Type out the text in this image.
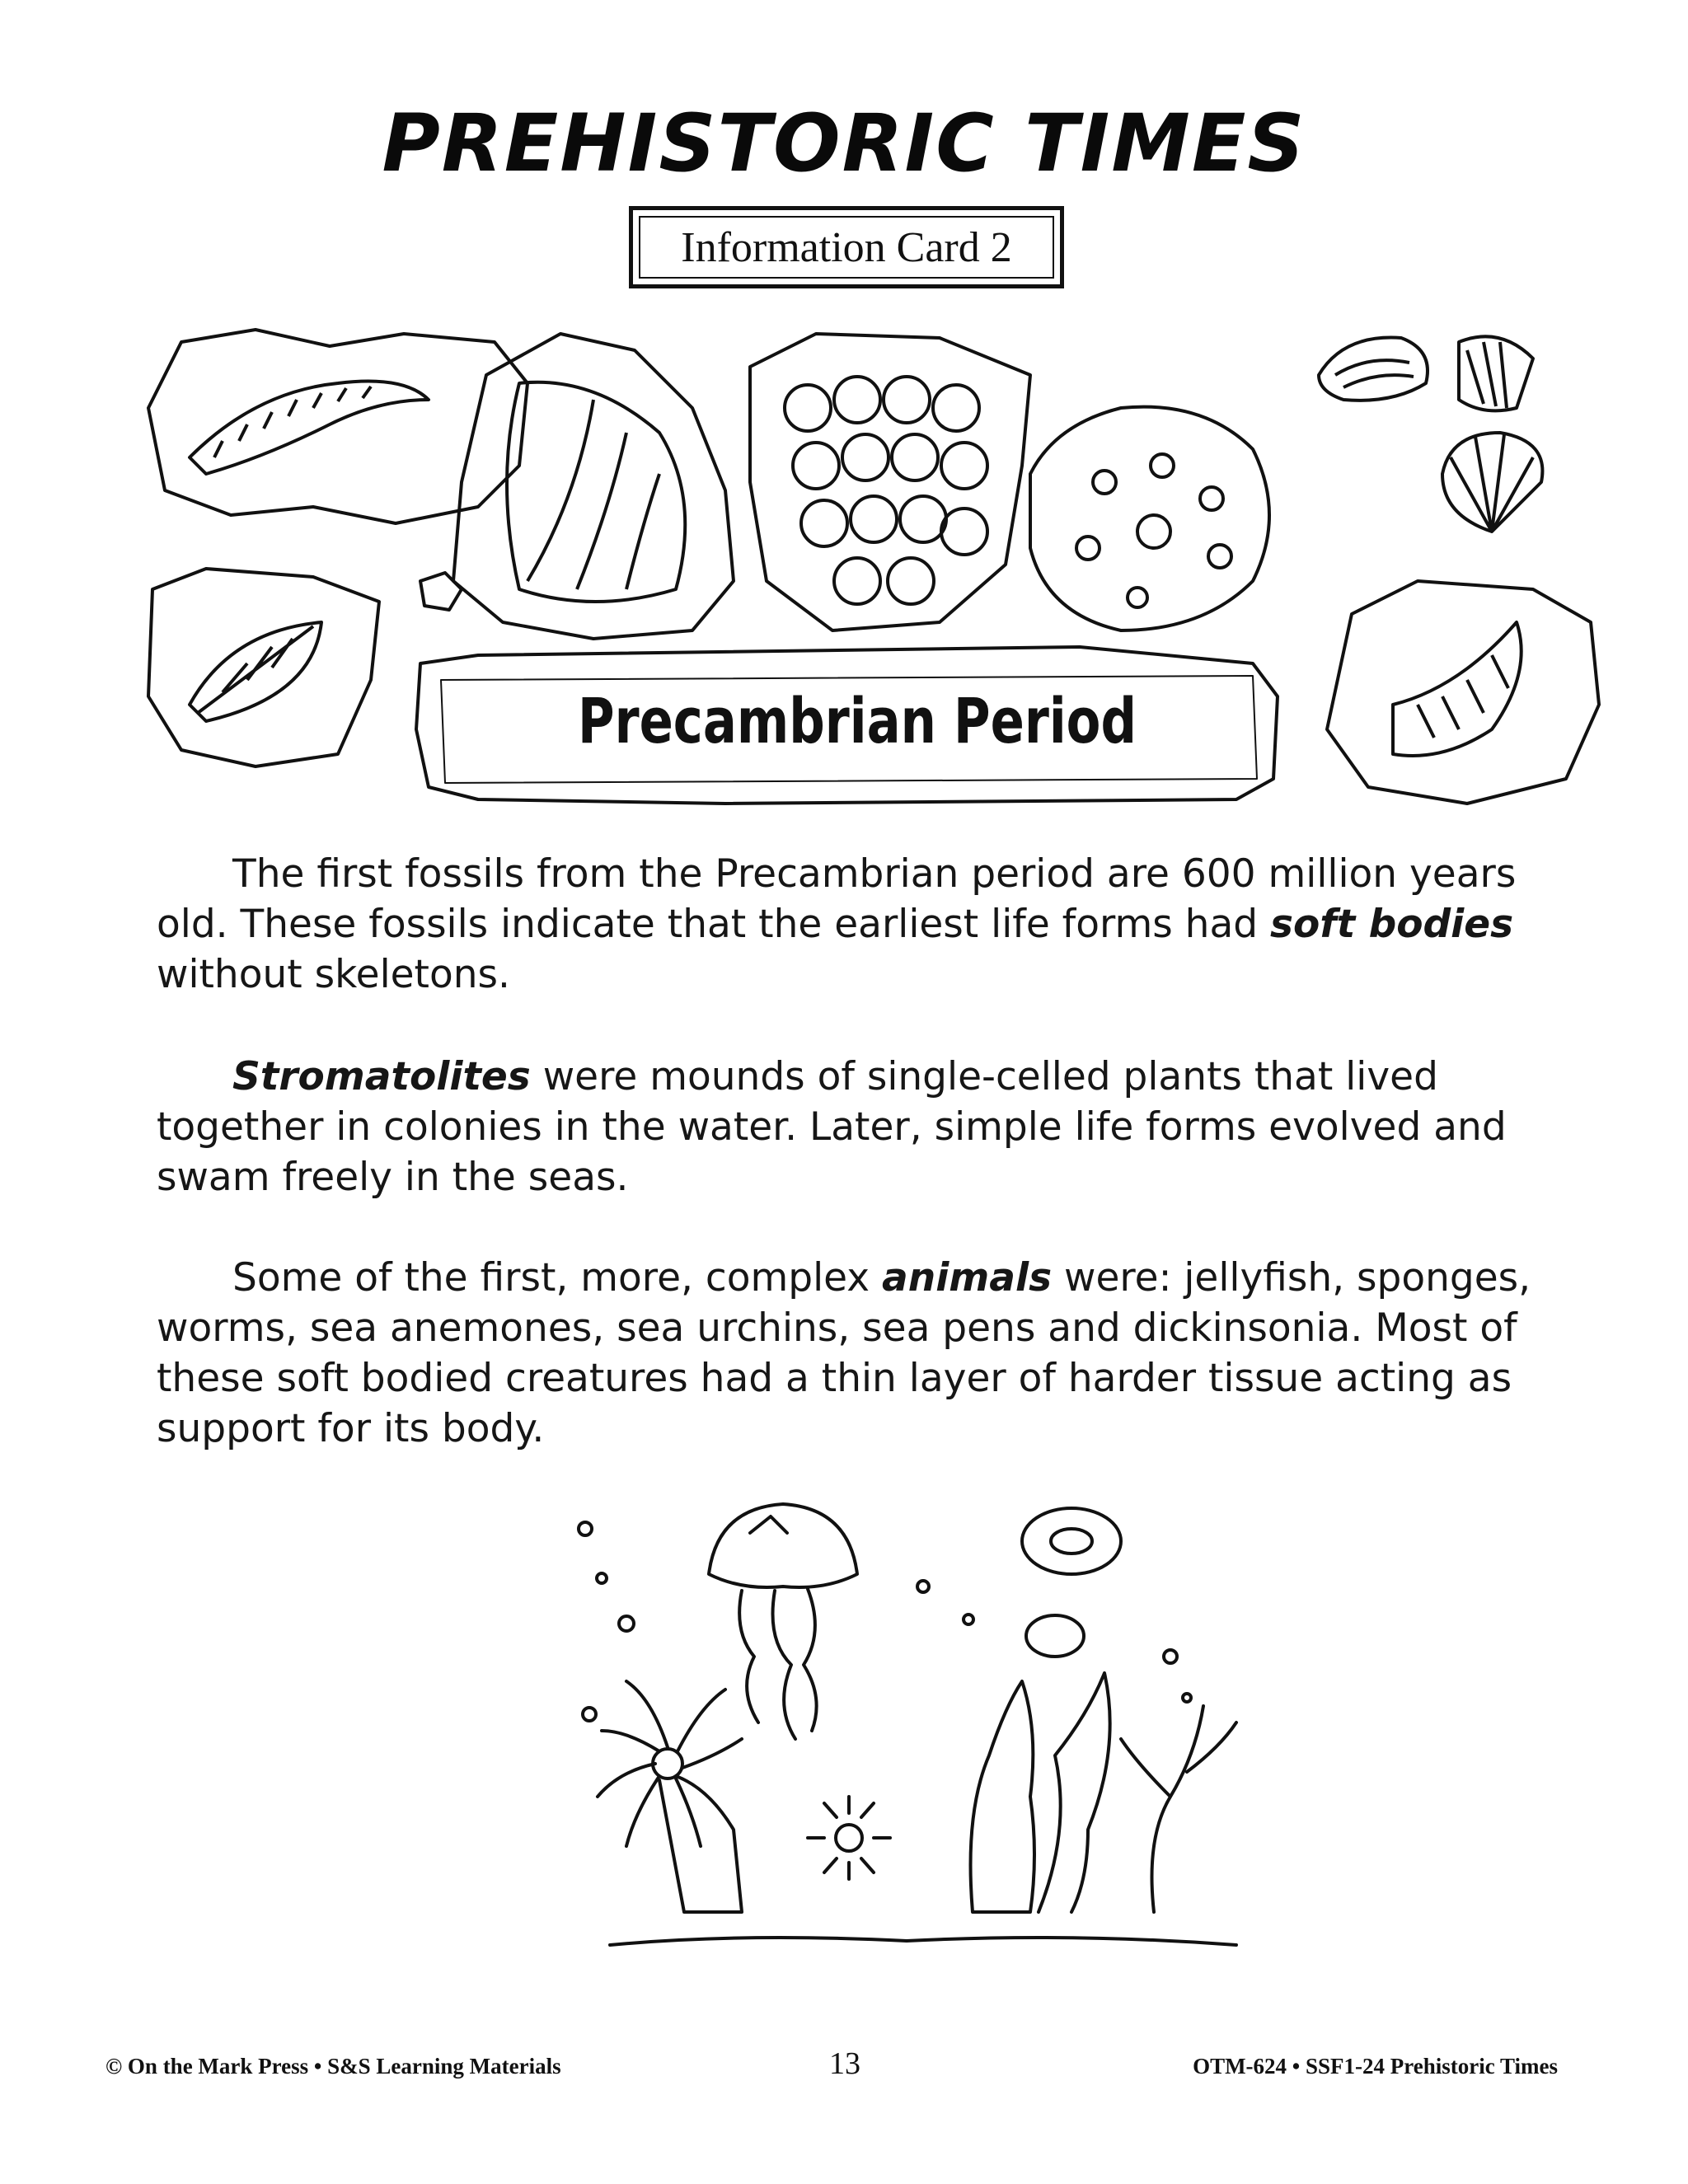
PREHISTORIC TIMES
Information Card 2
Precambrian Period

The first fossils from the Precambrian period are 600 million years old. These fossils indicate that the earliest life forms had soft bodies without skeletons.

Stromatolites were mounds of single-celled plants that lived together in colonies in the water. Later, simple life forms evolved and swam freely in the seas.

Some of the first, more, complex animals were: jellyfish, sponges, worms, sea anemones, sea urchins, sea pens and dickinsonia. Most of these soft bodied creatures had a thin layer of harder tissue acting as support for its body.

© On the Mark Press • S&S Learning Materials	13	OTM-624 • SSF1-24 Prehistoric Times
